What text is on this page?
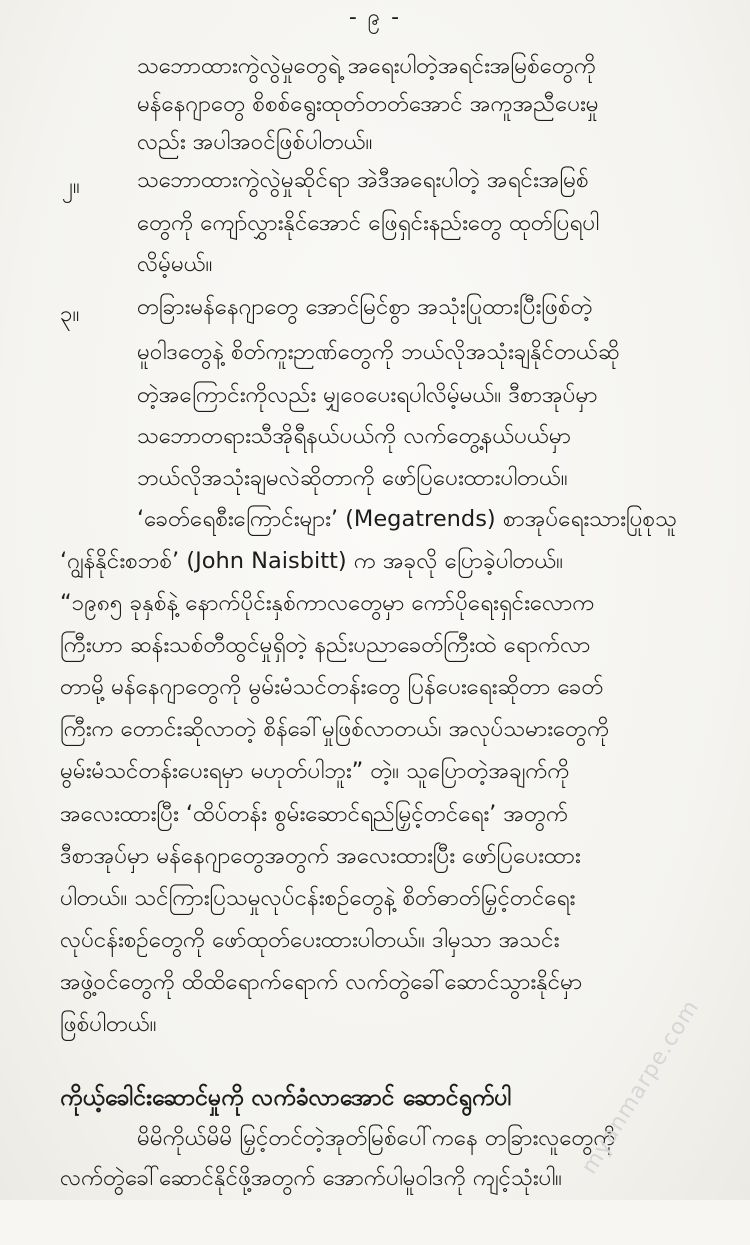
- ၉ -
သဘောထားကွဲလွဲမှုတွေရဲ့ အရေးပါတဲ့အရင်းအမြစ်တွေကို
မန်နေဂျာတွေ စိစစ်ရွေးထုတ်တတ်အောင် အကူအညီပေးမှု
လည်း အပါအဝင်ဖြစ်ပါတယ်။
၂။	သဘောထားကွဲလွဲမှုဆိုင်ရာ အဲဒီအရေးပါတဲ့ အရင်းအမြစ်
တွေကို ကျော်လွှားနိုင်အောင် ဖြေရှင်းနည်းတွေ ထုတ်ပြရပါ
လိမ့်မယ်။
၃။	တခြားမန်နေဂျာတွေ အောင်မြင်စွာ အသုံးပြုထားပြီးဖြစ်တဲ့
မူဝါဒတွေနဲ့ စိတ်ကူးဉာဏ်တွေကို ဘယ်လိုအသုံးချနိုင်တယ်ဆို
တဲ့အကြောင်းကိုလည်း မျှဝေပေးရပါလိမ့်မယ်။ ဒီစာအုပ်မှာ
သဘောတရားသီအိုရီနယ်ပယ်ကို လက်တွေ့နယ်ပယ်မှာ
ဘယ်လိုအသုံးချမလဲဆိုတာကို ဖော်ပြပေးထားပါတယ်။
‘ခေတ်ရေစီးကြောင်းများ’ (Megatrends) စာအုပ်ရေးသားပြုစုသူ
‘ဂျွန်နိုင်းစဘစ်’ (John Naisbitt) က အခုလို ပြောခဲ့ပါတယ်။
“၁၉၈၅ ခုနှစ်နဲ့ နောက်ပိုင်းနှစ်ကာလတွေမှာ ကော်ပိုရေးရှင်းလောက
ကြီးဟာ ဆန်းသစ်တီထွင်မှုရှိတဲ့ နည်းပညာခေတ်ကြီးထဲ ရောက်လာ
တာမို့ မန်နေဂျာတွေကို မွမ်းမံသင်တန်းတွေ ပြန်ပေးရေးဆိုတာ ခေတ်
ကြီးက တောင်းဆိုလာတဲ့ စိန်ခေါ်မှုဖြစ်လာတယ်၊ အလုပ်သမားတွေကို
မွမ်းမံသင်တန်းပေးရမှာ မဟုတ်ပါဘူး” တဲ့။ သူပြောတဲ့အချက်ကို
အလေးထားပြီး ‘ထိပ်တန်း စွမ်းဆောင်ရည်မြှင့်တင်ရေး’ အတွက်
ဒီစာအုပ်မှာ မန်နေဂျာတွေအတွက် အလေးထားပြီး ဖော်ပြပေးထား
ပါတယ်။ သင်ကြားပြသမှုလုပ်ငန်းစဉ်တွေနဲ့ စိတ်ဓာတ်မြှင့်တင်ရေး
လုပ်ငန်းစဉ်တွေကို ဖော်ထုတ်ပေးထားပါတယ်။ ဒါမှသာ အသင်း
အဖွဲ့ဝင်တွေကို ထိထိရောက်ရောက် လက်တွဲခေါ်ဆောင်သွားနိုင်မှာ
ဖြစ်ပါတယ်။
ကိုယ့်ခေါင်းဆောင်မှုကို လက်ခံလာအောင် ဆောင်ရွက်ပါ
မိမိကိုယ်မိမိ မြှင့်တင်တဲ့အုတ်မြစ်ပေါ်ကနေ တခြားလူတွေကို
လက်တွဲခေါ်ဆောင်နိုင်ဖို့အတွက် အောက်ပါမူဝါဒကို ကျင့်သုံးပါ။ myanmarpe.com
